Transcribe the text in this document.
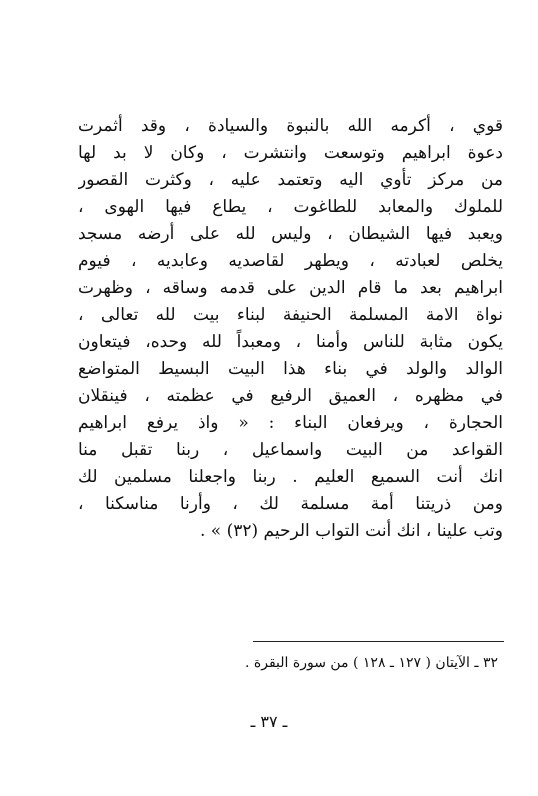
قوي ، أكرمه الله بالنبوة والسيادة ، وقد أثمرت
دعوة ابراهيم وتوسعت وانتشرت ، وكان لا بد لها
من مركز تأوي اليه وتعتمد عليه ، وكثرت القصور
للملوك والمعابد للطاغوت ، يطاع فيها الهوى ،
ويعبد فيها الشيطان ، وليس لله على أرضه مسجد
يخلص لعبادته ، ويطهر لقاصديه وعابديه ، فيوم
ابراهيم بعد ما قام الدين على قدمه وساقه ، وظهرت
نواة الامة المسلمة الحنيفة لبناء بيت لله تعالى ،
يكون مثابة للناس وأمنا ، ومعبداً لله وحده، فيتعاون
الوالد والولد في بناء هذا البيت البسيط المتواضع
في مظهره ، العميق الرفيع في عظمته ، فينقلان
الحجارة ، ويرفعان البناء : « واذ يرفع ابراهيم
القواعد من البيت واسماعيل ، ربنا تقبل منا
انك أنت السميع العليم . ربنا واجعلنا مسلمين لك
ومن ذريتنا أمة مسلمة لك ، وأرنا مناسكنا ،
وتب علينا ، انك أنت التواب الرحيم (٣٢) » .
٣٢ ـ الآيتان ( ١٢٧ ـ ١٢٨ ) من سورة البقرة .
ـ ٣٧ ـ
